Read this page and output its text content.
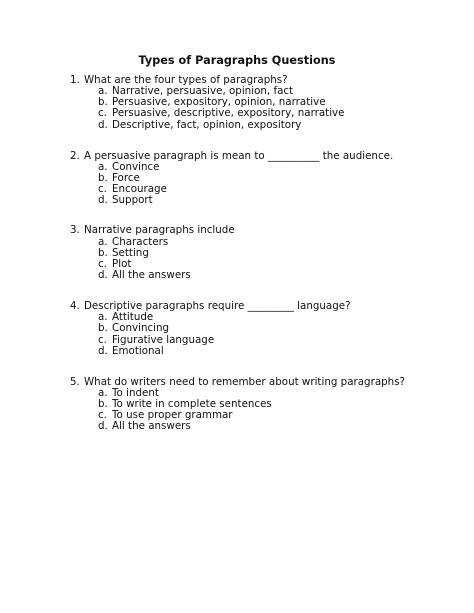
Types of Paragraphs Questions
1. What are the four types of paragraphs?
a. Narrative, persuasive, opinion, fact
b. Persuasive, expository, opinion, narrative
c. Persuasive, descriptive, expository, narrative
d. Descriptive, fact, opinion, expository
2. A persuasive paragraph is mean to __________ the audience.
a. Convince
b. Force
c. Encourage
d. Support
3. Narrative paragraphs include
a. Characters
b. Setting
c. Plot
d. All the answers
4. Descriptive paragraphs require _________ language?
a. Attitude
b. Convincing
c. Figurative language
d. Emotional
5. What do writers need to remember about writing paragraphs?
a. To indent
b. To write in complete sentences
c. To use proper grammar
d. All the answers
